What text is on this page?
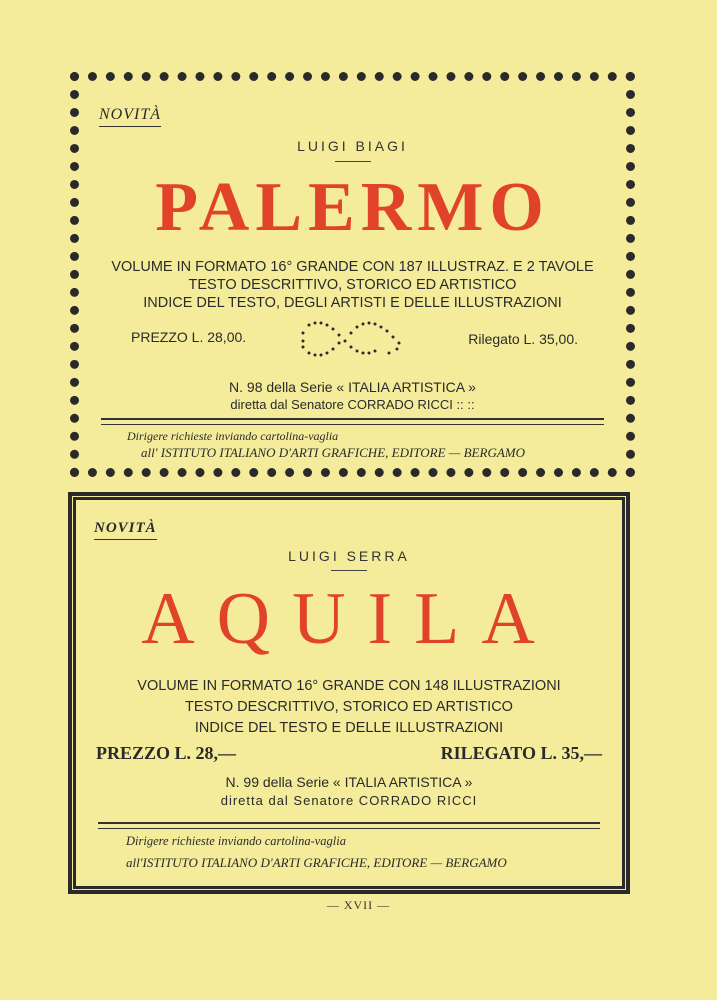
NOVITÀ
LUIGI BIAGI
PALERMO
VOLUME IN FORMATO 16° GRANDE CON 187 ILLUSTRAZ. E 2 TAVOLE
TESTO DESCRITTIVO, STORICO ED ARTISTICO
INDICE DEL TESTO, DEGLI ARTISTI E DELLE ILLUSTRAZIONI
PREZZO L. 28,00.	Rilegato L. 35,00.
N. 98 della Serie « ITALIA ARTISTICA »
diretta dal Senatore CORRADO RICCI :: ::
Dirigere richieste inviando cartolina-vaglia
all' ISTITUTO ITALIANO D'ARTI GRAFICHE, EDITORE — BERGAMO
NOVITÀ
LUIGI SERRA
AQUILA
VOLUME IN FORMATO 16° GRANDE CON 148 ILLUSTRAZIONI
TESTO DESCRITTIVO, STORICO ED ARTISTICO
INDICE DEL TESTO E DELLE ILLUSTRAZIONI
PREZZO L. 28,—	RILEGATO L. 35,—
N. 99 della Serie « ITALIA ARTISTICA »
diretta dal Senatore CORRADO RICCI
Dirigere richieste inviando cartolina-vaglia
all'ISTITUTO ITALIANO D'ARTI GRAFICHE, EDITORE — BERGAMO
— XVII —
